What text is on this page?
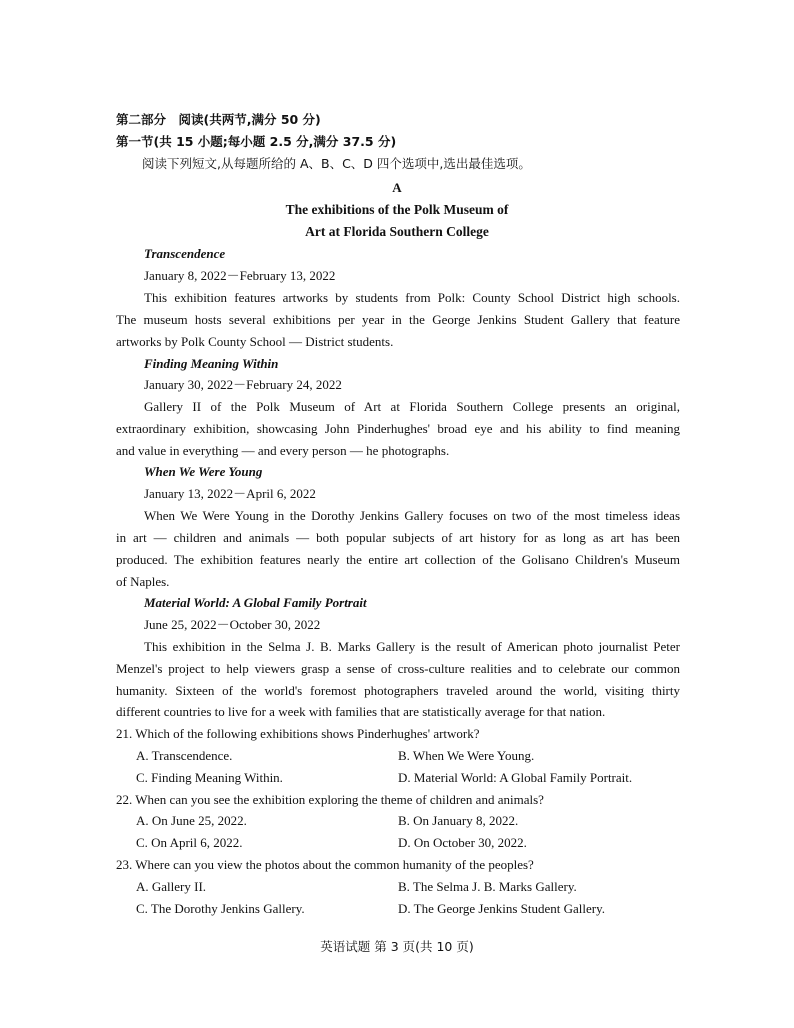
第二部分　阅读(共两节,满分 50 分)
第一节(共 15 小题;每小题 2.5 分,满分 37.5 分)
阅读下列短文,从每题所给的 A、B、C、D 四个选项中,选出最佳选项。
A
The exhibitions of the Polk Museum of
Art at Florida Southern College
Transcendence
January 8, 2022－February 13, 2022
This exhibition features artworks by students from Polk: County School District high schools.
The museum hosts several exhibitions per year in the George Jenkins Student Gallery that feature
artworks by Polk County School — District students.
Finding Meaning Within
January 30, 2022－February 24, 2022
Gallery II of the Polk Museum of Art at Florida Southern College presents an original,
extraordinary exhibition, showcasing John Pinderhughes' broad eye and his ability to find meaning
and value in everything — and every person — he photographs.
When We Were Young
January 13, 2022－April 6, 2022
When We Were Young in the Dorothy Jenkins Gallery focuses on two of the most timeless ideas
in art — children and animals — both popular subjects of art history for as long as art has been
produced. The exhibition features nearly the entire art collection of the Golisano Children's Museum
of Naples.
Material World: A Global Family Portrait
June 25, 2022－October 30, 2022
This exhibition in the Selma J. B. Marks Gallery is the result of American photo journalist Peter
Menzel's project to help viewers grasp a sense of cross-culture realities and to celebrate our common
humanity. Sixteen of the world's foremost photographers traveled around the world, visiting thirty
different countries to live for a week with families that are statistically average for that nation.
21. Which of the following exhibitions shows Pinderhughes' artwork?
A. Transcendence.	B. When We Were Young.
C. Finding Meaning Within.	D. Material World: A Global Family Portrait.
22. When can you see the exhibition exploring the theme of children and animals?
A. On June 25, 2022.	B. On January 8, 2022.
C. On April 6, 2022.	D. On October 30, 2022.
23. Where can you view the photos about the common humanity of the peoples?
A. Gallery II.	B. The Selma J. B. Marks Gallery.
C. The Dorothy Jenkins Gallery.	D. The George Jenkins Student Gallery.
英语试题 第 3 页(共 10 页)
